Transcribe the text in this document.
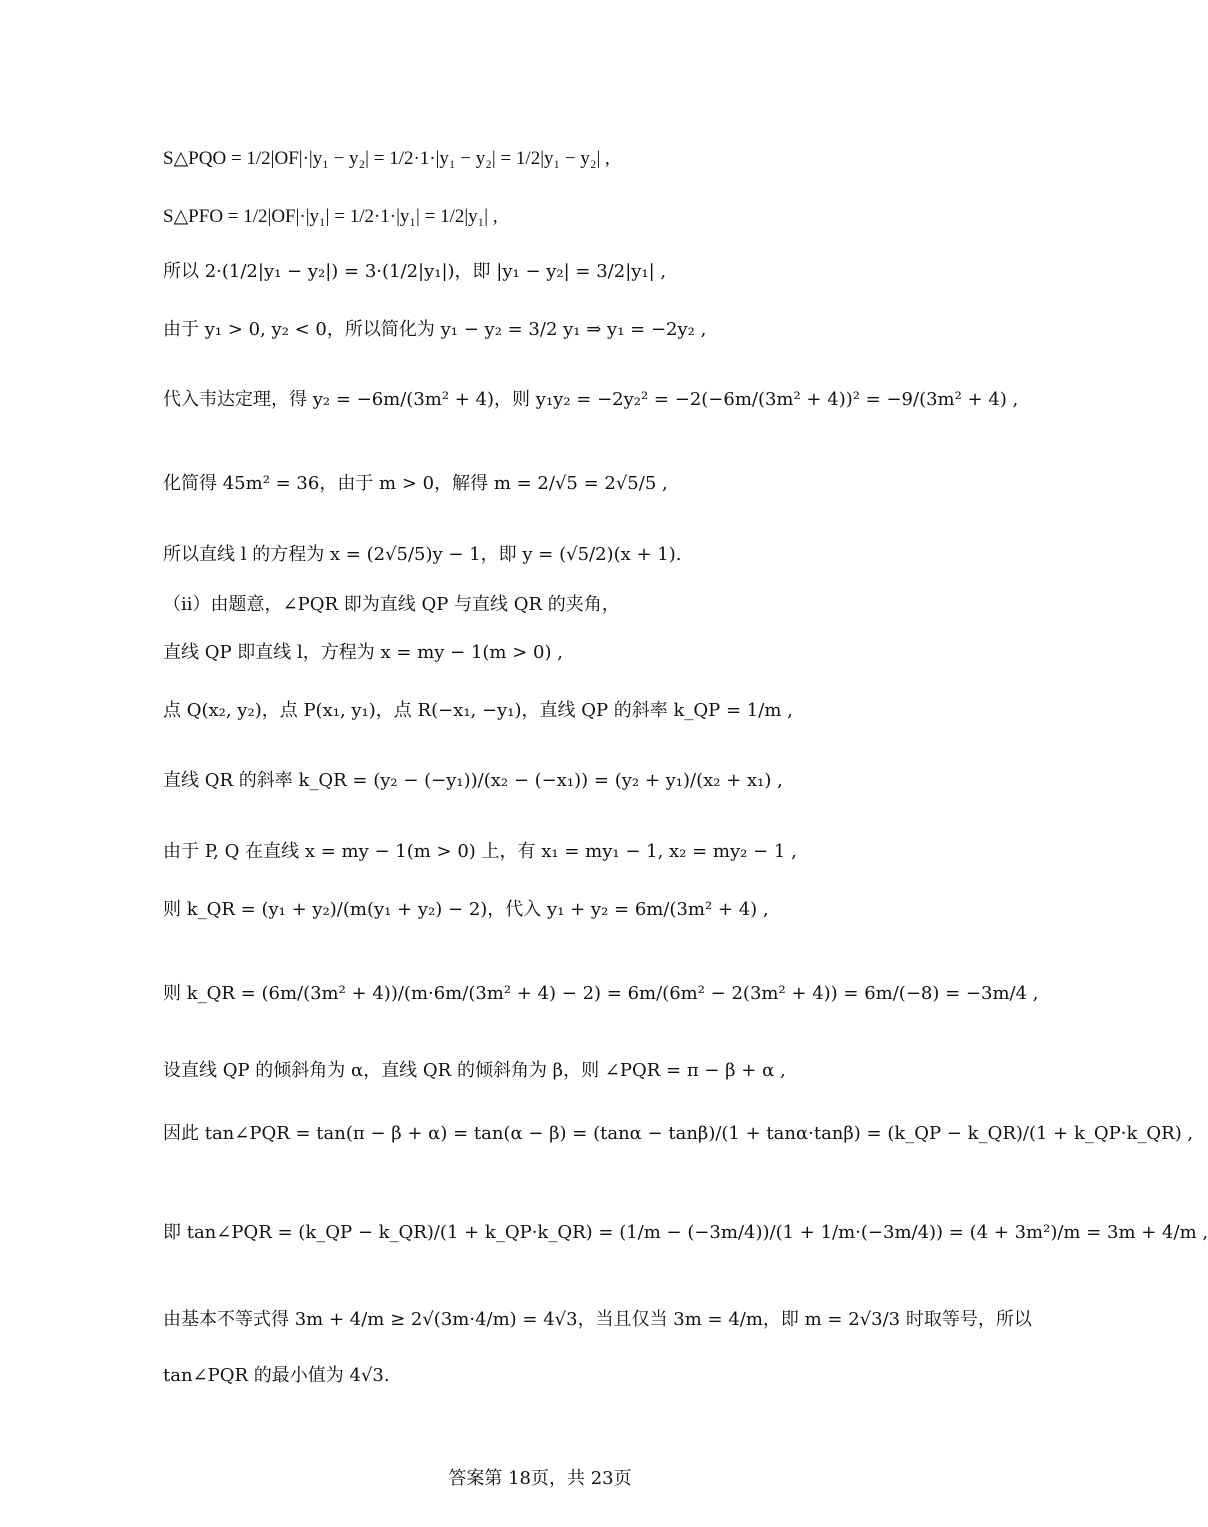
S△PQO = 1/2|OF|·|y₁ − y₂| = 1/2·1·|y₁ − y₂| = 1/2|y₁ − y₂| ,
S△PFO = 1/2|OF|·|y₁| = 1/2·1·|y₁| = 1/2|y₁| ,
所以 2·(1/2|y₁ − y₂|) = 3·(1/2|y₁|)，即 |y₁ − y₂| = 3/2|y₁| ,
由于 y₁ > 0, y₂ < 0，所以简化为 y₁ − y₂ = 3/2 y₁ ⇒ y₁ = −2y₂ ,
代入韦达定理，得 y₂ = −6m/(3m² + 4)，则 y₁y₂ = −2y₂² = −2(−6m/(3m² + 4))² = −9/(3m² + 4) ,
化简得 45m² = 36，由于 m > 0，解得 m = 2/√5 = 2√5/5 ,
所以直线 l 的方程为 x = (2√5/5)y − 1，即 y = (√5/2)(x + 1).
（ii）由题意，∠PQR 即为直线 QP 与直线 QR 的夹角，
直线 QP 即直线 l，方程为 x = my − 1(m > 0) ,
点 Q(x₂, y₂)，点 P(x₁, y₁)，点 R(−x₁, −y₁)，直线 QP 的斜率 k_QP = 1/m ,
直线 QR 的斜率 k_QR = (y₂ − (−y₁))/(x₂ − (−x₁)) = (y₂ + y₁)/(x₂ + x₁) ,
由于 P, Q 在直线 x = my − 1(m > 0) 上，有 x₁ = my₁ − 1, x₂ = my₂ − 1 ,
则 k_QR = (y₁ + y₂)/(m(y₁ + y₂) − 2)，代入 y₁ + y₂ = 6m/(3m² + 4) ,
则 k_QR = (6m/(3m² + 4))/(m·6m/(3m² + 4) − 2) = 6m/(6m² − 2(3m² + 4)) = 6m/(−8) = −3m/4 ,
设直线 QP 的倾斜角为 α，直线 QR 的倾斜角为 β，则 ∠PQR = π − β + α ,
因此 tan∠PQR = tan(π − β + α) = tan(α − β) = (tanα − tanβ)/(1 + tanα·tanβ) = (k_QP − k_QR)/(1 + k_QP·k_QR) ,
即 tan∠PQR = (k_QP − k_QR)/(1 + k_QP·k_QR) = (1/m − (−3m/4))/(1 + 1/m·(−3m/4)) = (4 + 3m²)/m = 3m + 4/m ,
由基本不等式得 3m + 4/m ≥ 2√(3m·4/m) = 4√3，当且仅当 3m = 4/m，即 m = 2√3/3 时取等号，所以
tan∠PQR 的最小值为 4√3.
答案第 18页，共 23页
